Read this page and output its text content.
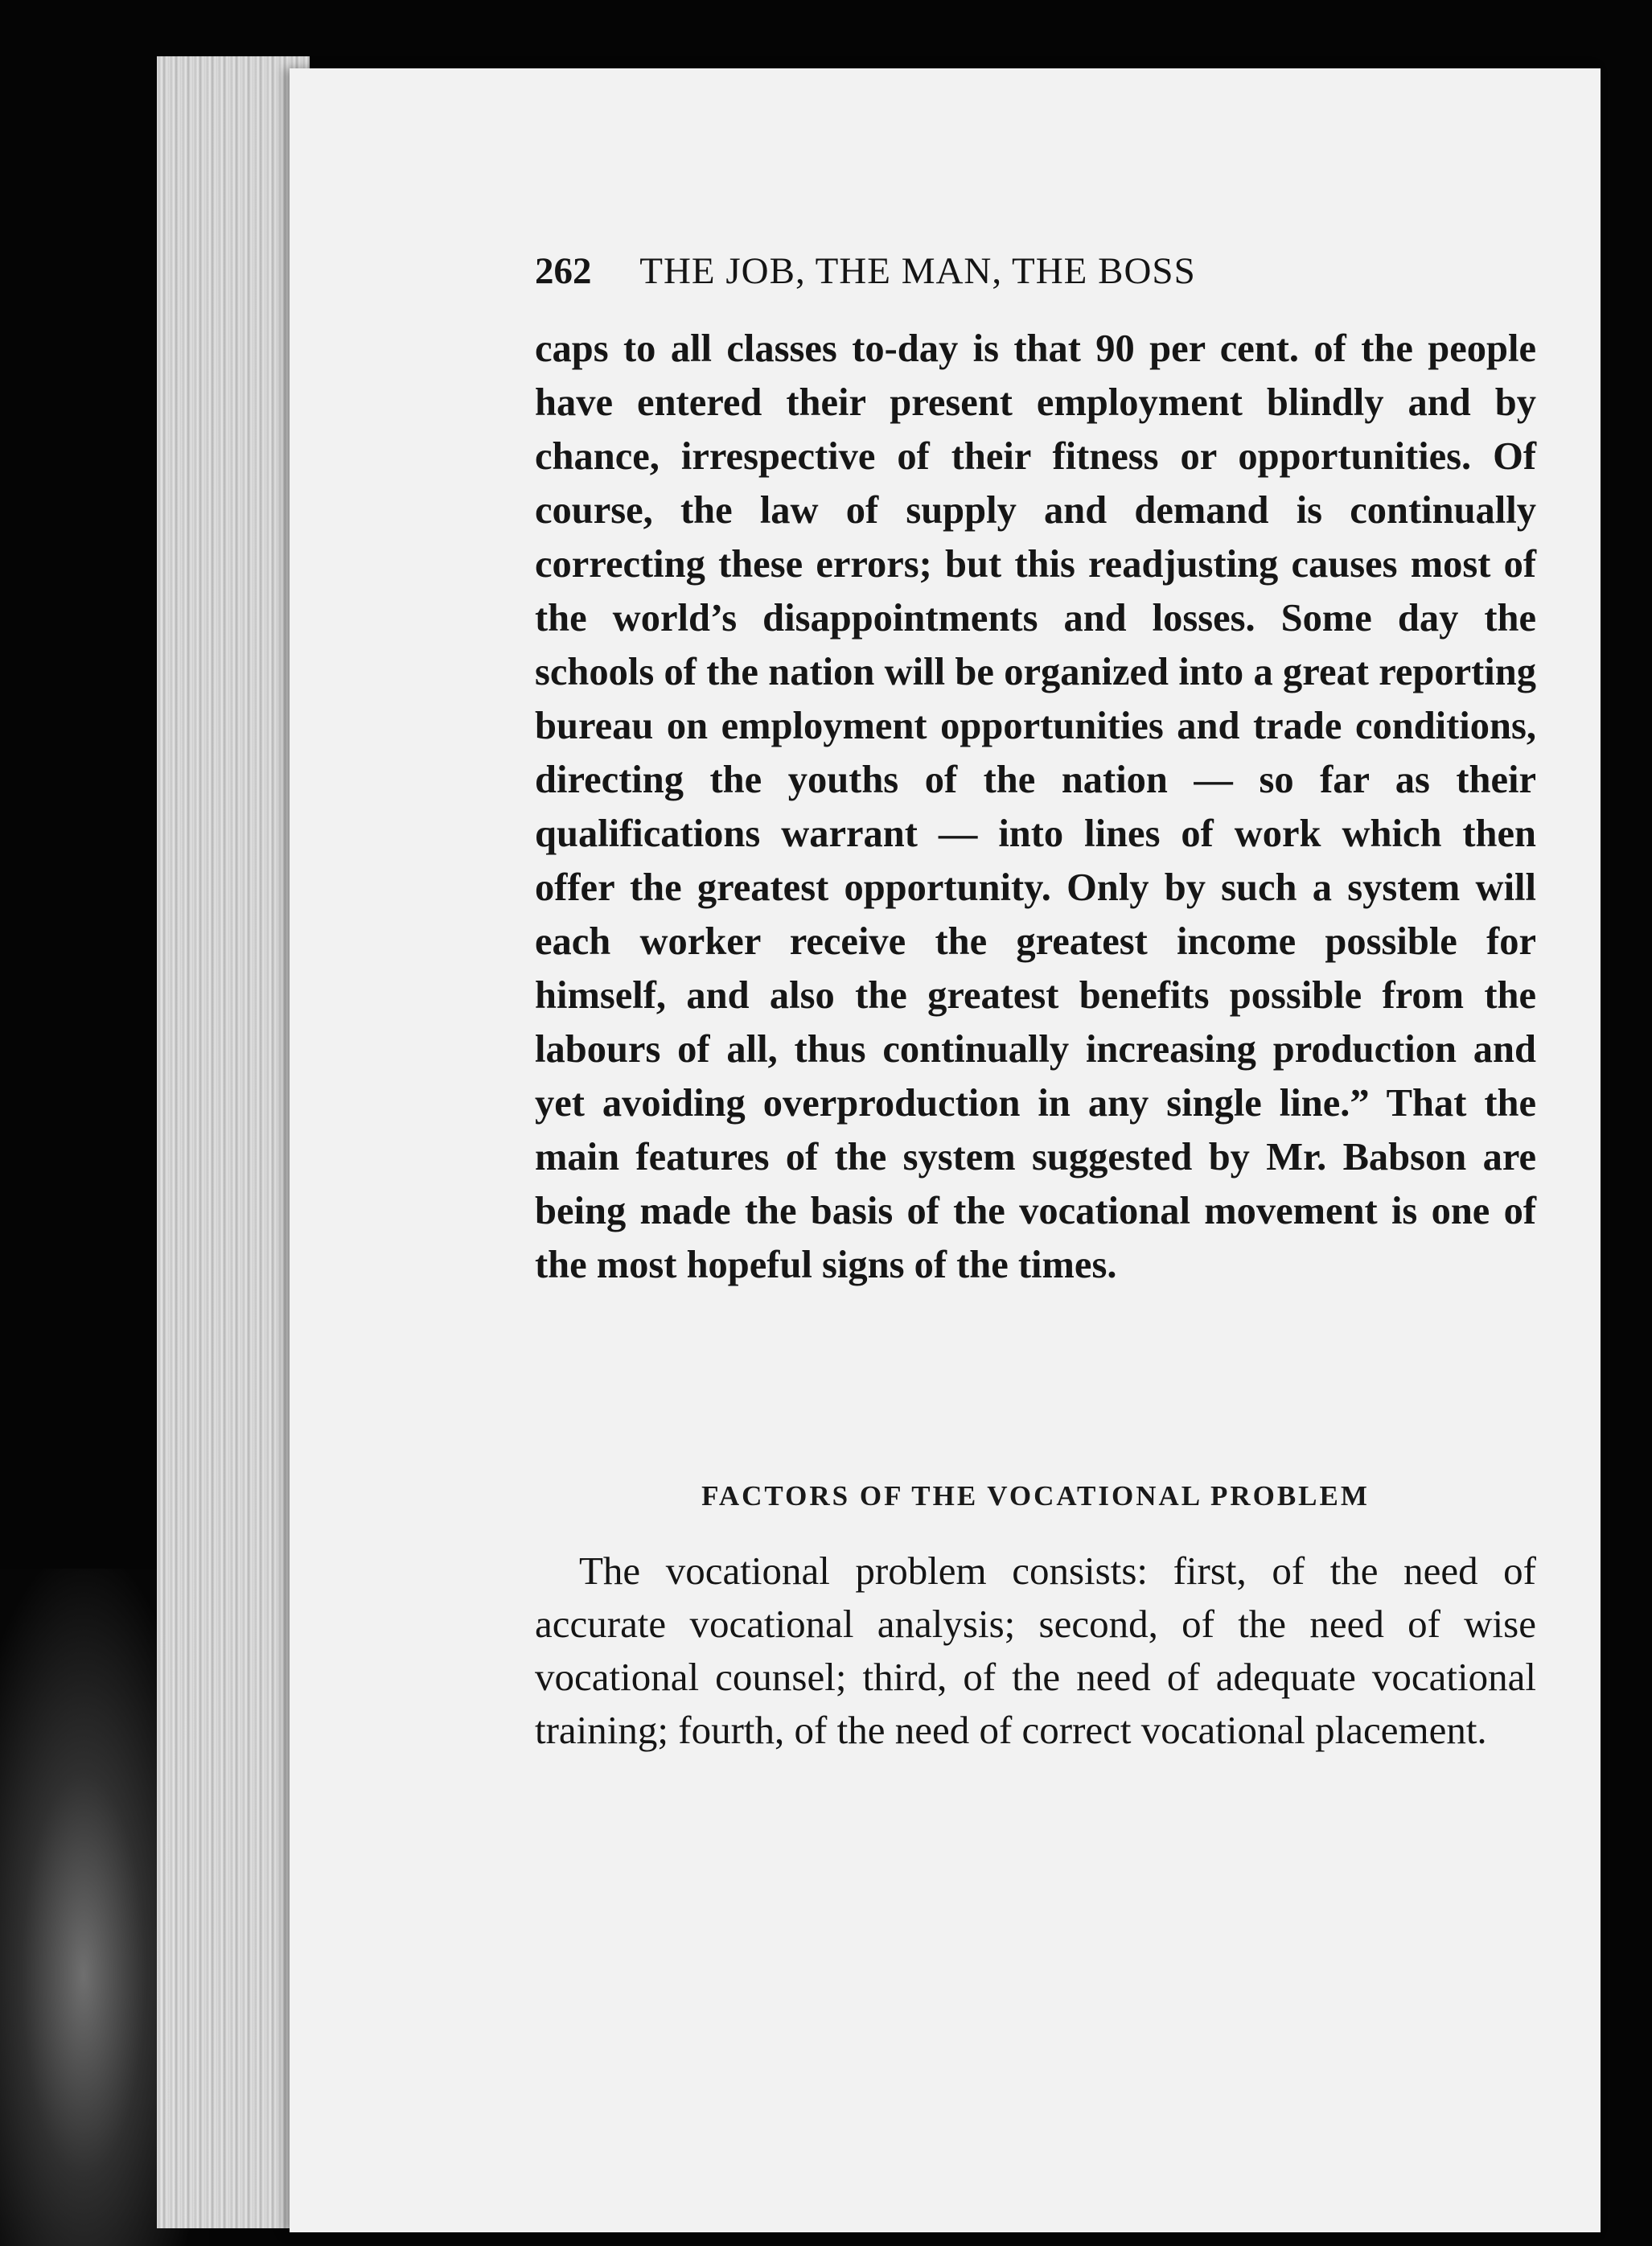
262 THE JOB, THE MAN, THE BOSS

caps to all classes to-day is that 90 per cent. of the people have entered their present employment blindly and by chance, irrespective of their fitness or opportunities. Of course, the law of supply and demand is continually correcting these errors; but this readjusting causes most of the world’s disappointments and losses. Some day the schools of the nation will be organized into a great reporting bureau on employment opportunities and trade conditions, directing the youths of the nation — so far as their qualifications warrant — into lines of work which then offer the greatest opportunity. Only by such a system will each worker receive the greatest income possible for himself, and also the greatest benefits possible from the labours of all, thus continually increasing production and yet avoiding overproduction in any single line.” That the main features of the system suggested by Mr. Babson are being made the basis of the vocational movement is one of the most hopeful signs of the times.

FACTORS OF THE VOCATIONAL PROBLEM
The vocational problem consists: first, of the need of accurate vocational analysis; second, of the need of wise vocational counsel; third, of the need of adequate vocational training; fourth, of the need of correct vocational placement.
